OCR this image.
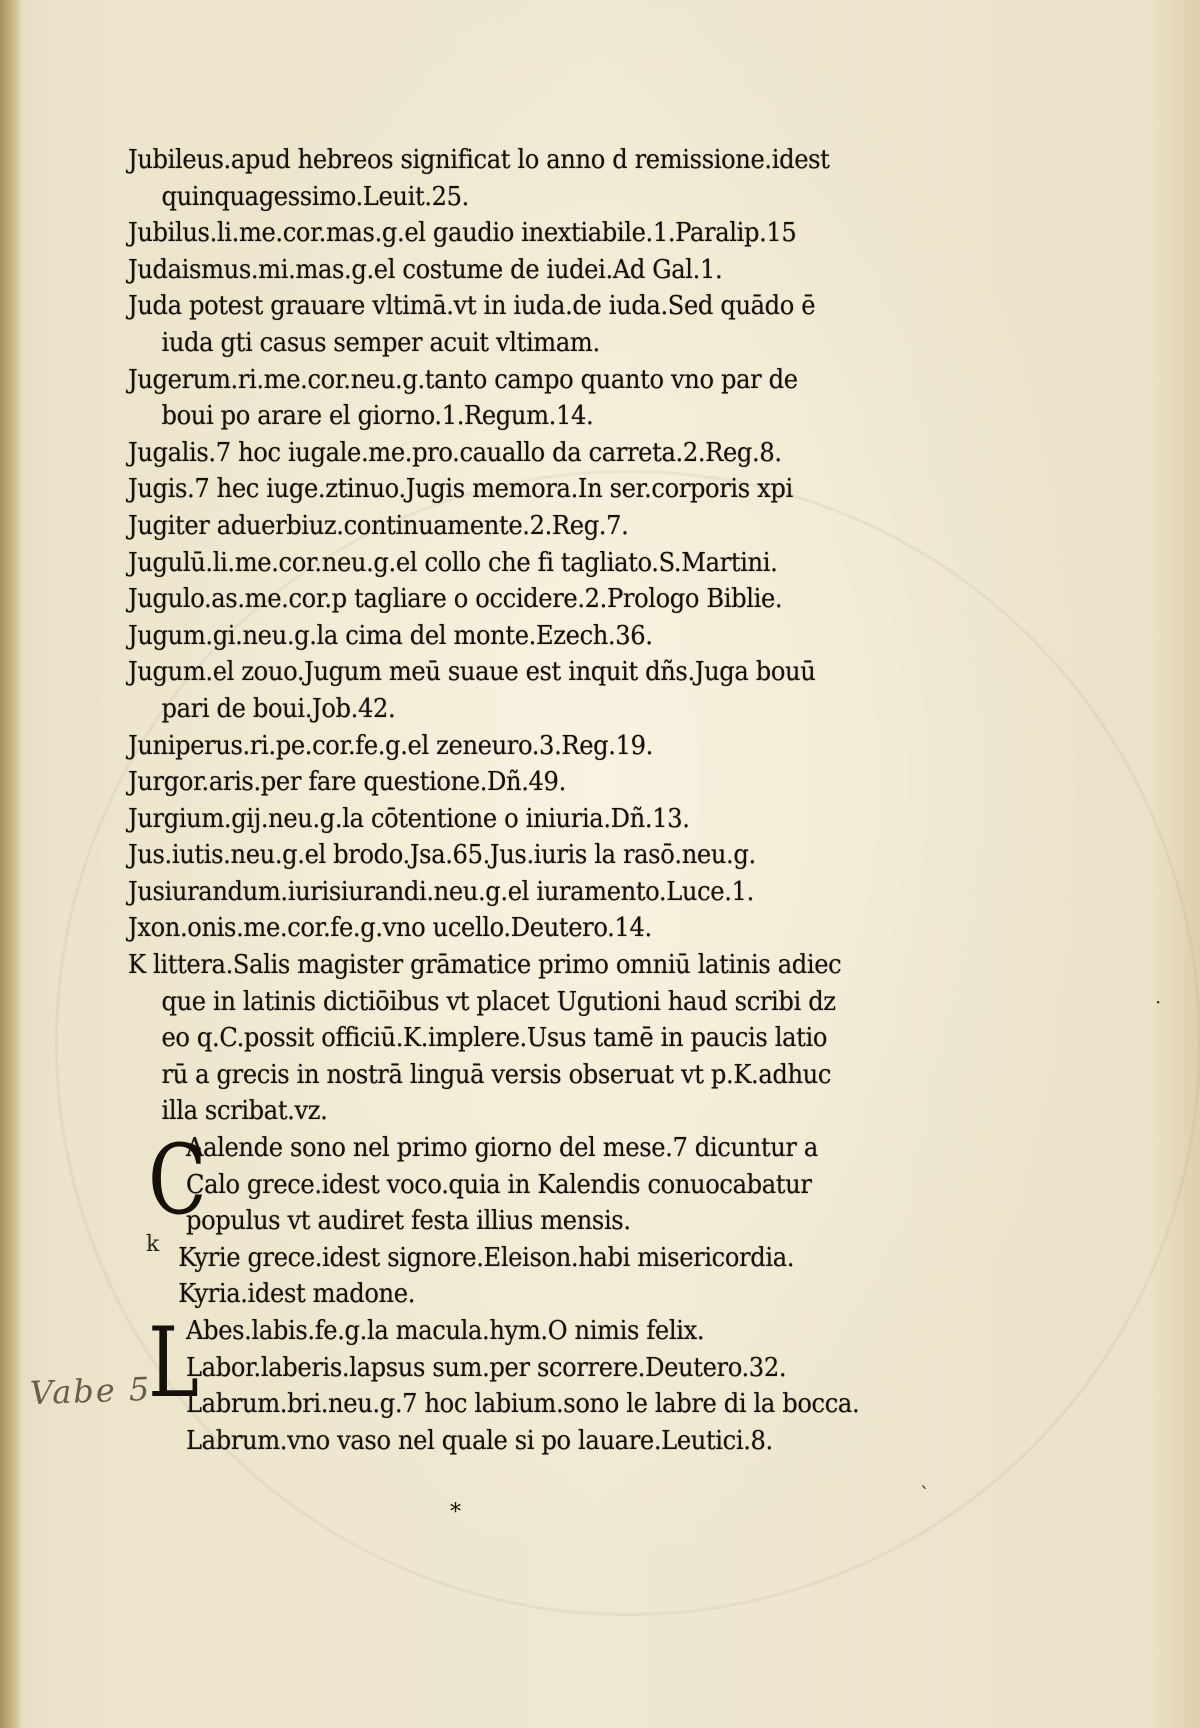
Jubileus.apud hebreos significat lo anno d remissione.idest
quinquagessimo.Leuit.25.
Jubilus.li.me.cor.mas.g.el gaudio inextiabile.1.Paralip.15
Judaismus.mi.mas.g.el costume de iudei.Ad Gal.1.
Juda potest grauare vltimā.vt in iuda.de iuda.Sed quādo ē
iuda gti casus semper acuit vltimam.
Jugerum.ri.me.cor.neu.g.tanto campo quanto vno par de
boui po arare el giorno.1.Regum.14.
Jugalis.7 hoc iugale.me.pro.cauallo da carreta.2.Reg.8.
Jugis.7 hec iuge.ztinuo.Jugis memora.In ser.corporis xpi
Jugiter aduerbiuz.continuamente.2.Reg.7.
Jugulū.li.me.cor.neu.g.el collo che fi tagliato.S.Martini.
Jugulo.as.me.cor.p tagliare o occidere.2.Prologo Biblie.
Jugum.gi.neu.g.la cima del monte.Ezech.36.
Jugum.el zouo.Jugum meū suaue est inquit dñs.Juga bouū
pari de boui.Job.42.
Juniperus.ri.pe.cor.fe.g.el zeneuro.3.Reg.19.
Jurgor.aris.per fare questione.Dñ.49.
Jurgium.gij.neu.g.la cōtentione o iniuria.Dñ.13.
Jus.iutis.neu.g.el brodo.Jsa.65.Jus.iuris la rasō.neu.g.
Jusiurandum.iurisiurandi.neu.g.el iuramento.Luce.1.
Jxon.onis.me.cor.fe.g.vno ucello.Deutero.14.
K littera.Salis magister grāmatice primo omniū latinis adiec
que in latinis dictiōibus vt placet Ugutioni haud scribi dz
eo q.C.possit officiū.K.implere.Usus tamē in paucis latio
rū a grecis in nostrā linguā versis obseruat vt p.K.adhuc
illa scribat.vz.
C
Aalende sono nel primo giorno del mese.7 dicuntur a
Calo grece.idest voco.quia in Kalendis conuocabatur
populus vt audiret festa illius mensis.
Kyrie grece.idest signore.Eleison.habi misericordia.
Kyria.idest madone.
L
Abes.labis.fe.g.la macula.hym.O nimis felix.
Labor.laberis.lapsus sum.per scorrere.Deutero.32.
Labrum.bri.neu.g.7 hoc labium.sono le labre di la bocca.
Labrum.vno vaso nel quale si po lauare.Leutici.8.
k
Vabe 5
*
·
`
